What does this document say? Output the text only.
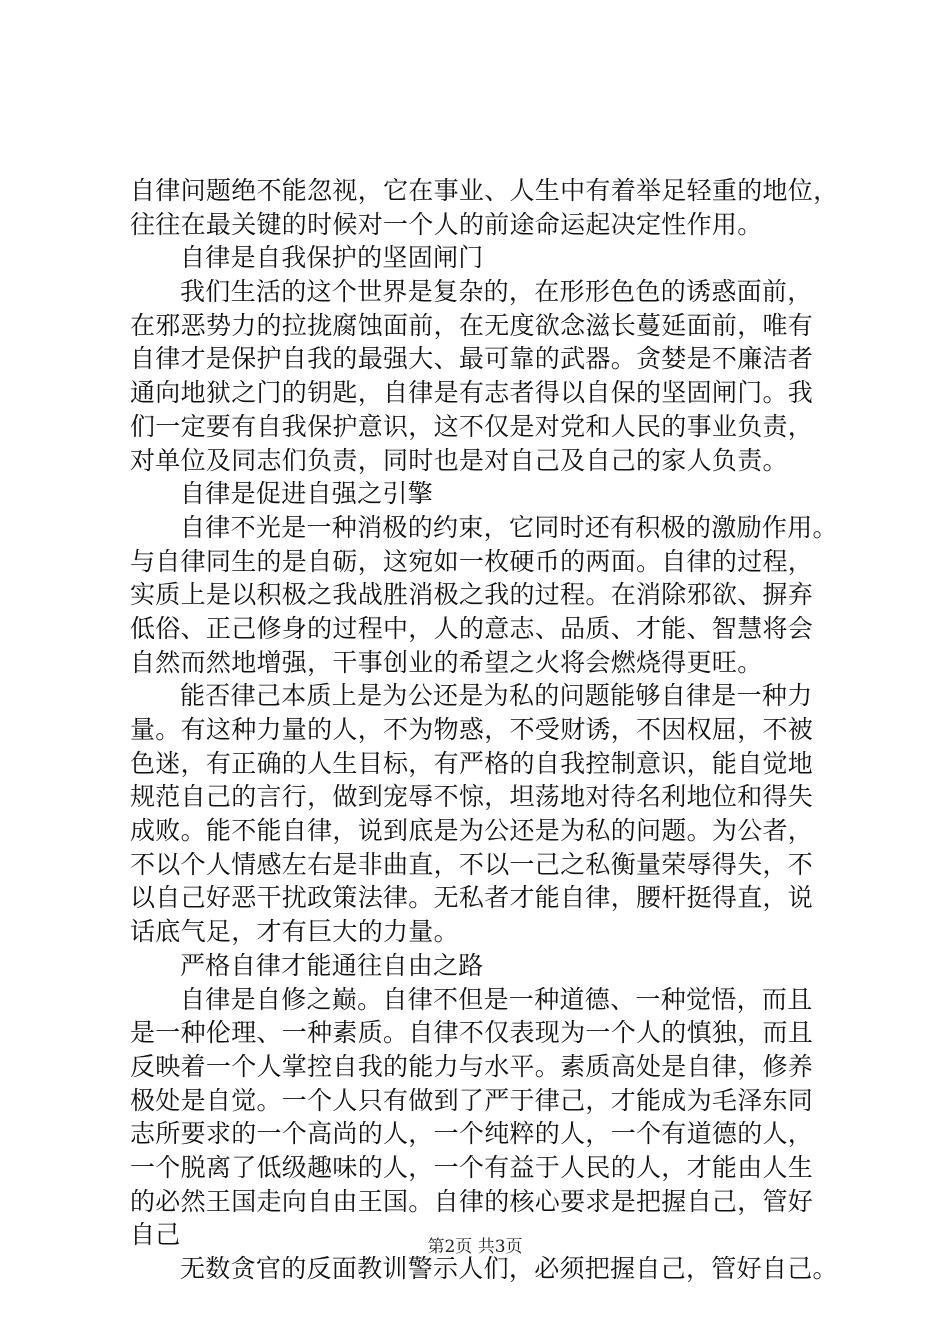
自律问题绝不能忽视，它在事业、人生中有着举足轻重的地位，
往往在最关键的时候对一个人的前途命运起决定性作用。
自律是自我保护的坚固闸门
我们生活的这个世界是复杂的，在形形色色的诱惑面前，
在邪恶势力的拉拢腐蚀面前，在无度欲念滋长蔓延面前，唯有
自律才是保护自我的最强大、最可靠的武器。贪婪是不廉洁者
通向地狱之门的钥匙，自律是有志者得以自保的坚固闸门。我
们一定要有自我保护意识，这不仅是对党和人民的事业负责，
对单位及同志们负责，同时也是对自己及自己的家人负责。
自律是促进自强之引擎
自律不光是一种消极的约束，它同时还有积极的激励作用。
与自律同生的是自砺，这宛如一枚硬币的两面。自律的过程，
实质上是以积极之我战胜消极之我的过程。在消除邪欲、摒弃
低俗、正己修身的过程中，人的意志、品质、才能、智慧将会
自然而然地增强，干事创业的希望之火将会燃烧得更旺。
能否律己本质上是为公还是为私的问题能够自律是一种力
量。有这种力量的人，不为物惑，不受财诱，不因权屈，不被
色迷，有正确的人生目标，有严格的自我控制意识，能自觉地
规范自己的言行，做到宠辱不惊，坦荡地对待名利地位和得失
成败。能不能自律，说到底是为公还是为私的问题。为公者，
不以个人情感左右是非曲直，不以一己之私衡量荣辱得失，不
以自己好恶干扰政策法律。无私者才能自律，腰杆挺得直，说
话底气足，才有巨大的力量。
严格自律才能通往自由之路
自律是自修之巅。自律不但是一种道德、一种觉悟，而且
是一种伦理、一种素质。自律不仅表现为一个人的慎独，而且
反映着一个人掌控自我的能力与水平。素质高处是自律，修养
极处是自觉。一个人只有做到了严于律己，才能成为毛泽东同
志所要求的一个高尚的人，一个纯粹的人，一个有道德的人，
一个脱离了低级趣味的人，一个有益于人民的人，才能由人生
的必然王国走向自由王国。自律的核心要求是把握自己，管好
自己
无数贪官的反面教训警示人们，必须把握自己，管好自己。
第2页 共3页
